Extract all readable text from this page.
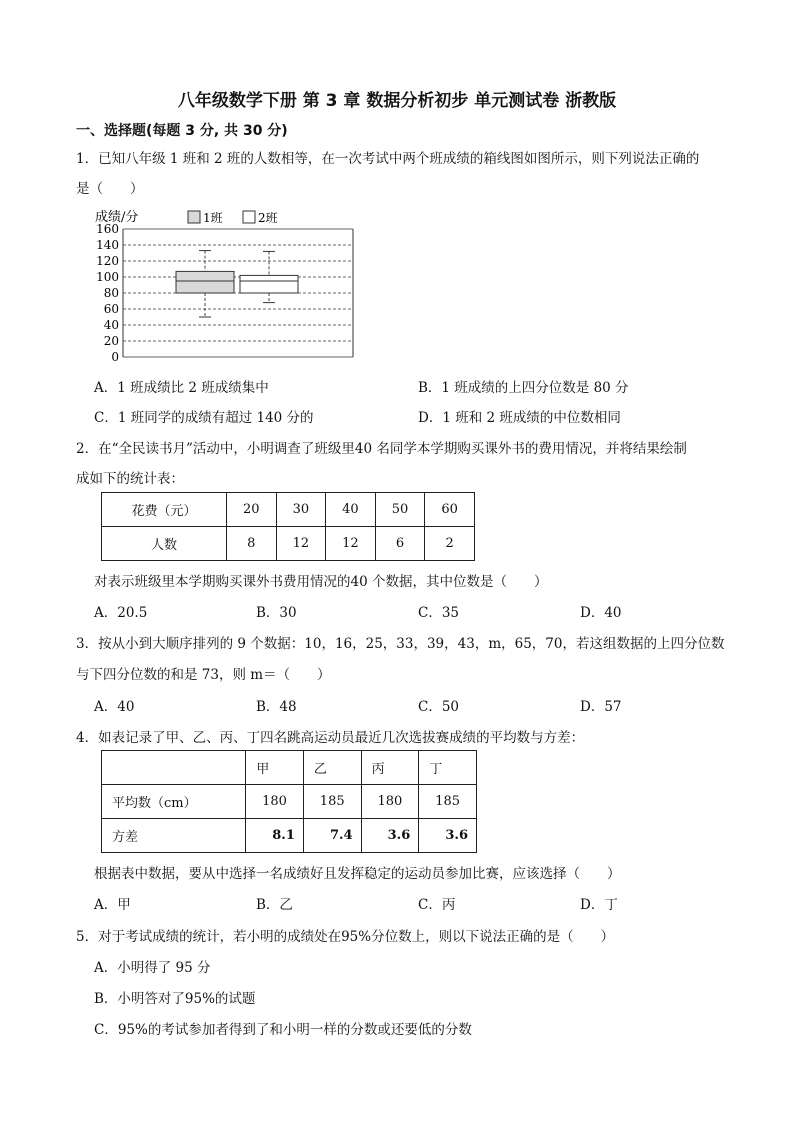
八年级数学下册 第 3 章 数据分析初步 单元测试卷 浙教版
一、选择题(每题 3 分, 共 30 分)
1．已知八年级 1 班和 2 班的人数相等，在一次考试中两个班成绩的箱线图如图所示，则下列说法正确的
是（　　）
成绩/分	1班	2班
0
20
40
60
80
100
120
140
160
A．1 班成绩比 2 班成绩集中	B．1 班成绩的上四分位数是 80 分
C．1 班同学的成绩有超过 140 分的	D．1 班和 2 班成绩的中位数相同
2．在“全民读书月”活动中，小明调查了班级里40 名同学本学期购买课外书的费用情况，并将结果绘制
成如下的统计表：
花费（元）	20	30	40	50	60
人数	8	12	12	6	2
对表示班级里本学期购买课外书费用情况的40 个数据，其中位数是（　　）
A．20.5	B．30	C．35	D．40
3．按从小到大顺序排列的 9 个数据：10，16，25，33，39，43，m，65，70，若这组数据的上四分位数
与下四分位数的和是 73，则 m＝（　　）
A．40	B．48	C．50	D．57
4．如表记录了甲、乙、丙、丁四名跳高运动员最近几次选拔赛成绩的平均数与方差：
	甲	乙	丙	丁
平均数（cm）	180	185	180	185
方差	8.1	7.4	3.6	3.6
根据表中数据，要从中选择一名成绩好且发挥稳定的运动员参加比赛，应该选择（　　）
A．甲	B．乙	C．丙	D．丁
5．对于考试成绩的统计，若小明的成绩处在95%分位数上，则以下说法正确的是（　　）
A．小明得了 95 分
B．小明答对了95%的试题
C．95%的考试参加者得到了和小明一样的分数或还要低的分数
